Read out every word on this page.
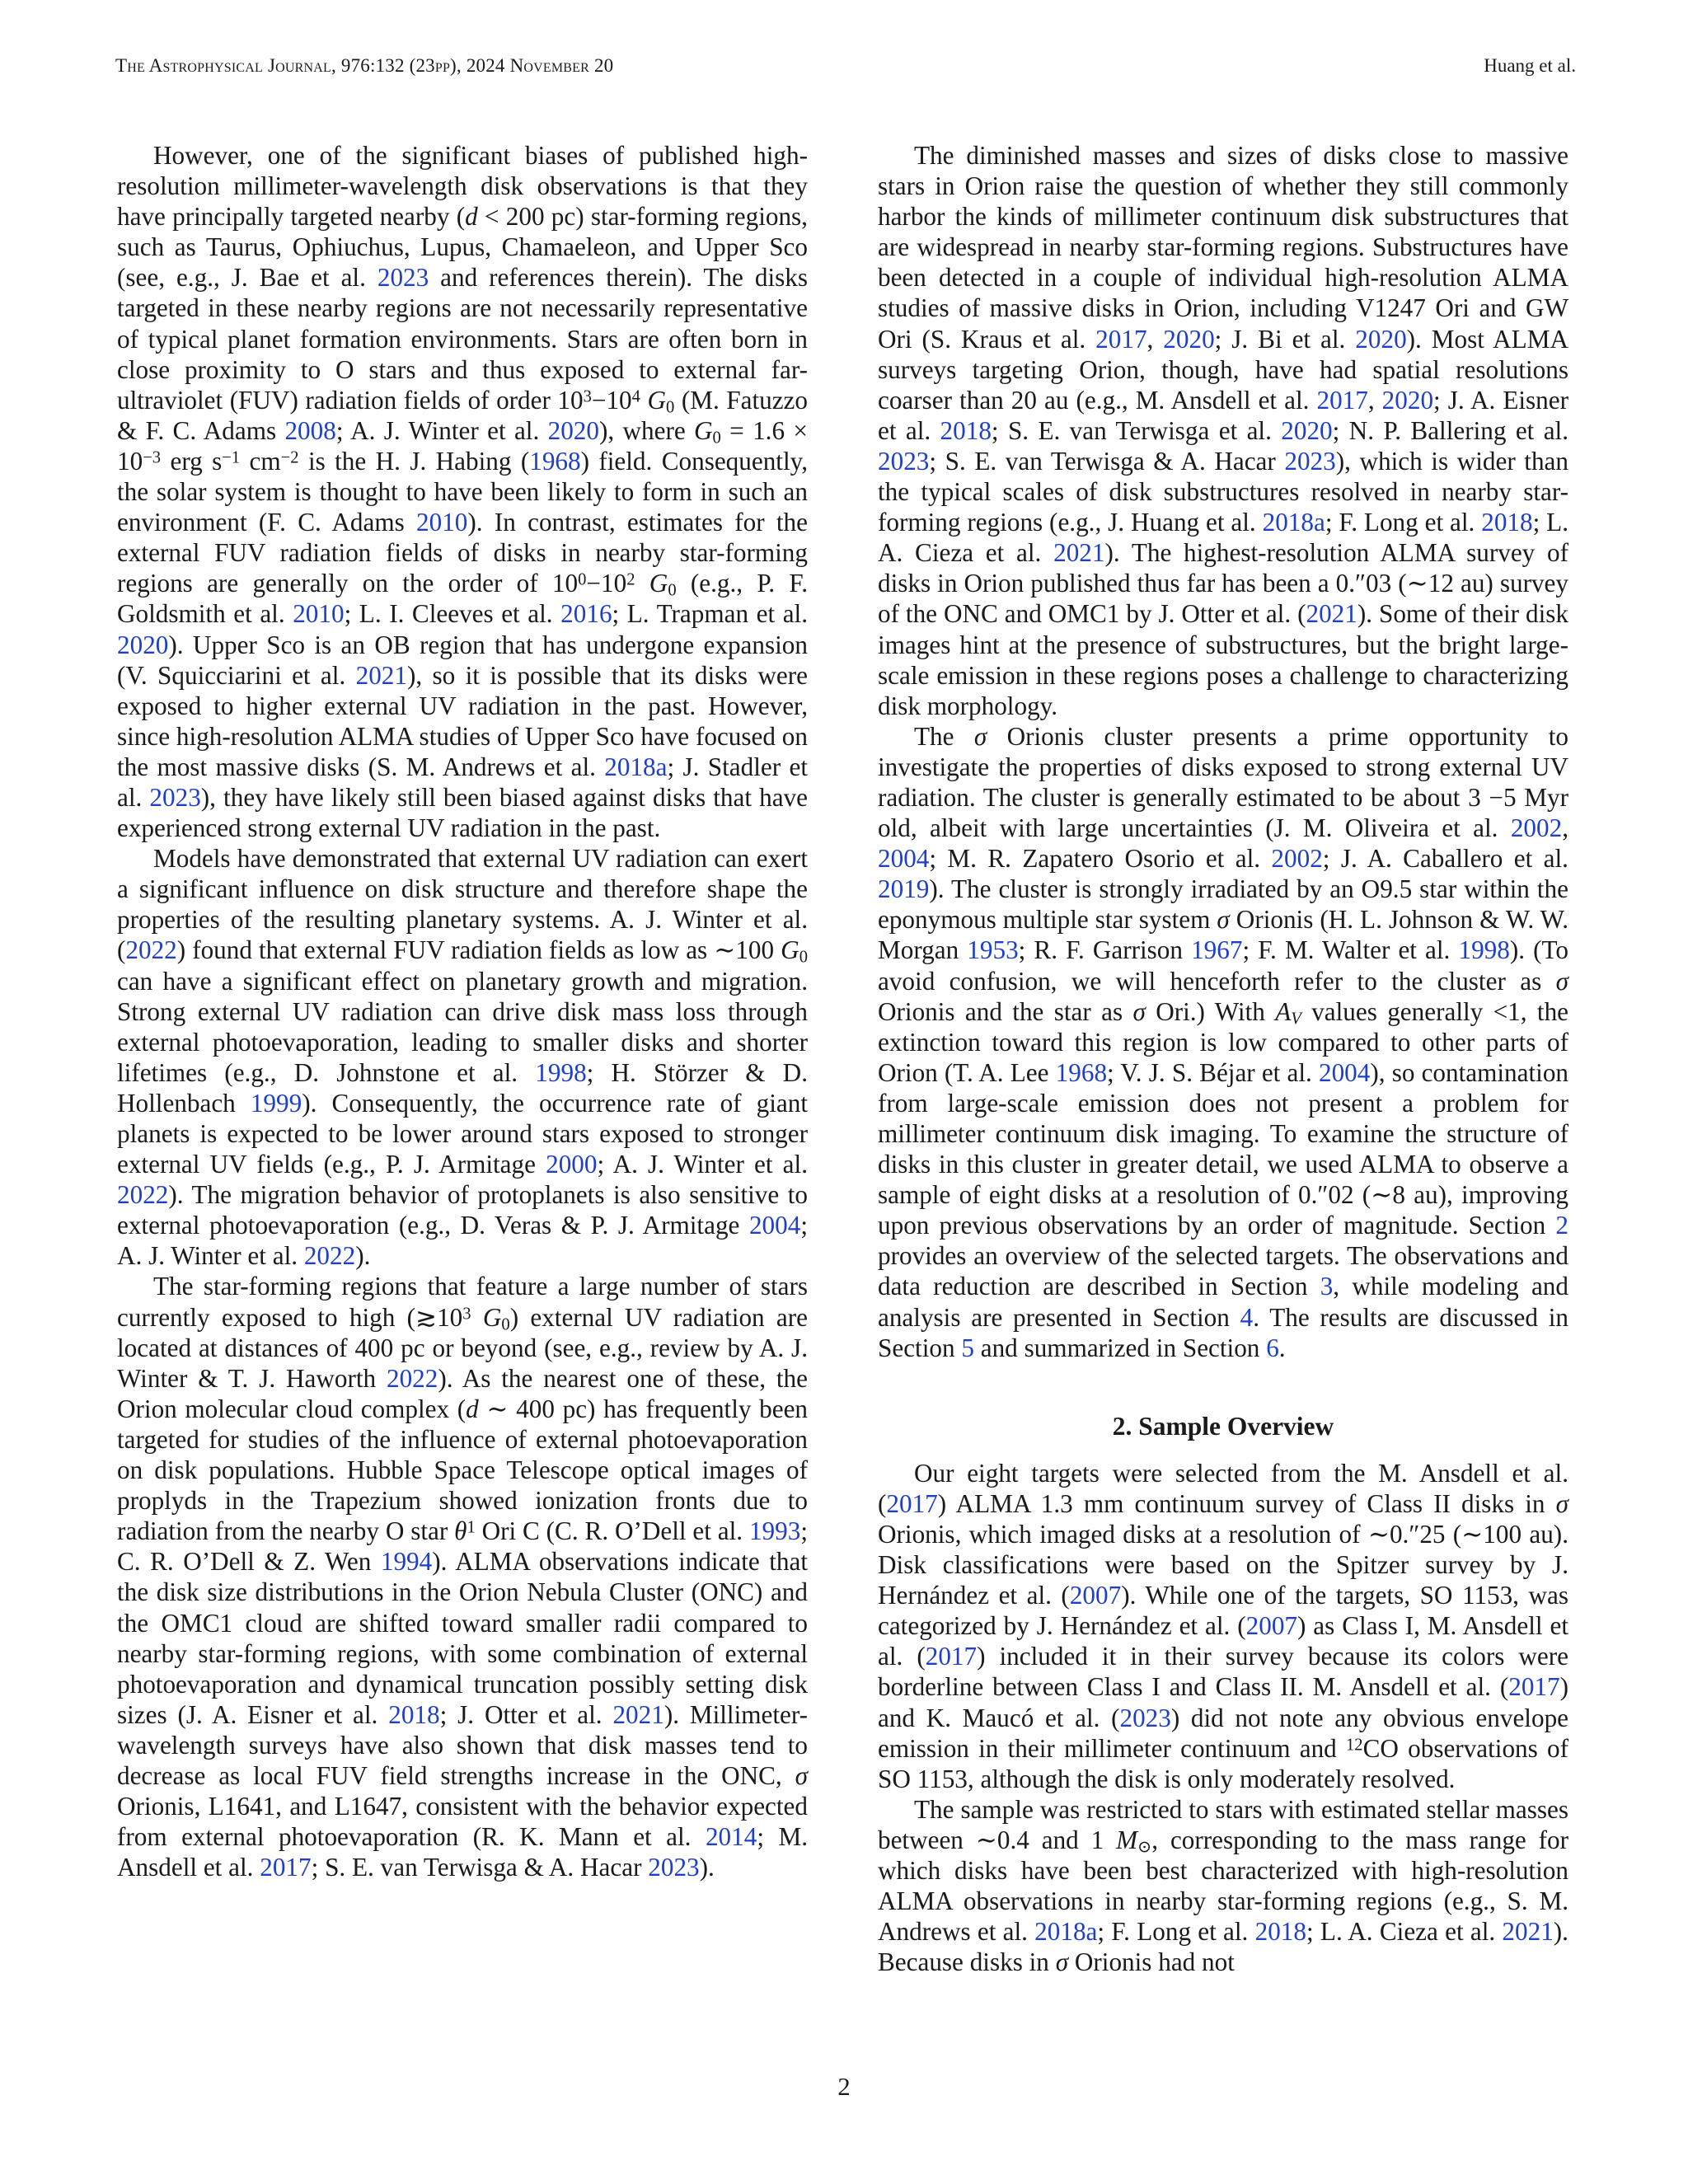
The Astrophysical Journal, 976:132 (23pp), 2024 November 20	Huang et al.

However, one of the significant biases of published high-resolution millimeter-wavelength disk observations is that they have principally targeted nearby (d < 200 pc) star-forming regions, such as Taurus, Ophiuchus, Lupus, Chamaeleon, and Upper Sco (see, e.g., J. Bae et al. 2023 and references therein). The disks targeted in these nearby regions are not necessarily representative of typical planet formation environments. Stars are often born in close proximity to O stars and thus exposed to external far-ultraviolet (FUV) radiation fields of order $10^3-10^4$ $G_0$ (M. Fatuzzo & F. C. Adams 2008; A. J. Winter et al. 2020), where $G_0 = 1.6 \times 10^{-3}$ erg $s^{-1}$ $cm^{-2}$ is the H. J. Habing (1968) field. Consequently, the solar system is thought to have been likely to form in such an environment (F. C. Adams 2010). In contrast, estimates for the external FUV radiation fields of disks in nearby star-forming regions are generally on the order of $10^0-10^2$ $G_0$ (e.g., P. F. Goldsmith et al. 2010; L. I. Cleeves et al. 2016; L. Trapman et al. 2020). Upper Sco is an OB region that has undergone expansion (V. Squicciarini et al. 2021), so it is possible that its disks were exposed to higher external UV radiation in the past. However, since high-resolution ALMA studies of Upper Sco have focused on the most massive disks (S. M. Andrews et al. 2018a; J. Stadler et al. 2023), they have likely still been biased against disks that have experienced strong external UV radiation in the past.

Models have demonstrated that external UV radiation can exert a significant influence on disk structure and therefore shape the properties of the resulting planetary systems. A. J. Winter et al. (2022) found that external FUV radiation fields as low as ∼100 $G_0$ can have a significant effect on planetary growth and migration. Strong external UV radiation can drive disk mass loss through external photoevaporation, leading to smaller disks and shorter lifetimes (e.g., D. Johnstone et al. 1998; H. Störzer & D. Hollenbach 1999). Consequently, the occurrence rate of giant planets is expected to be lower around stars exposed to stronger external UV fields (e.g., P. J. Armitage 2000; A. J. Winter et al. 2022). The migration behavior of protoplanets is also sensitive to external photoevaporation (e.g., D. Veras & P. J. Armitage 2004; A. J. Winter et al. 2022).

The star-forming regions that feature a large number of stars currently exposed to high ($≳10^3$ $G_0$) external UV radiation are located at distances of 400 pc or beyond (see, e.g., review by A. J. Winter & T. J. Haworth 2022). As the nearest one of these, the Orion molecular cloud complex (d ∼ 400 pc) has frequently been targeted for studies of the influence of external photoevaporation on disk populations. Hubble Space Telescope optical images of proplyds in the Trapezium showed ionization fronts due to radiation from the nearby O star $\theta^1$ Ori C (C. R. O’Dell et al. 1993; C. R. O’Dell & Z. Wen 1994). ALMA observations indicate that the disk size distributions in the Orion Nebula Cluster (ONC) and the OMC1 cloud are shifted toward smaller radii compared to nearby star-forming regions, with some combination of external photoevaporation and dynamical truncation possibly setting disk sizes (J. A. Eisner et al. 2018; J. Otter et al. 2021). Millimeter-wavelength surveys have also shown that disk masses tend to decrease as local FUV field strengths increase in the ONC, σ Orionis, L1641, and L1647, consistent with the behavior expected from external photoevaporation (R. K. Mann et al. 2014; M. Ansdell et al. 2017; S. E. van Terwisga & A. Hacar 2023).

The diminished masses and sizes of disks close to massive stars in Orion raise the question of whether they still commonly harbor the kinds of millimeter continuum disk substructures that are widespread in nearby star-forming regions. Substructures have been detected in a couple of individual high-resolution ALMA studies of massive disks in Orion, including V1247 Ori and GW Ori (S. Kraus et al. 2017, 2020; J. Bi et al. 2020). Most ALMA surveys targeting Orion, though, have had spatial resolutions coarser than 20 au (e.g., M. Ansdell et al. 2017, 2020; J. A. Eisner et al. 2018; S. E. van Terwisga et al. 2020; N. P. Ballering et al. 2023; S. E. van Terwisga & A. Hacar 2023), which is wider than the typical scales of disk substructures resolved in nearby star-forming regions (e.g., J. Huang et al. 2018a; F. Long et al. 2018; L. A. Cieza et al. 2021). The highest-resolution ALMA survey of disks in Orion published thus far has been a 0.″03 (∼12 au) survey of the ONC and OMC1 by J. Otter et al. (2021). Some of their disk images hint at the presence of substructures, but the bright large-scale emission in these regions poses a challenge to characterizing disk morphology.

The σ Orionis cluster presents a prime opportunity to investigate the properties of disks exposed to strong external UV radiation. The cluster is generally estimated to be about 3 −5 Myr old, albeit with large uncertainties (J. M. Oliveira et al. 2002, 2004; M. R. Zapatero Osorio et al. 2002; J. A. Caballero et al. 2019). The cluster is strongly irradiated by an O9.5 star within the eponymous multiple star system σ Orionis (H. L. Johnson & W. W. Morgan 1953; R. F. Garrison 1967; F. M. Walter et al. 1998). (To avoid confusion, we will henceforth refer to the cluster as σ Orionis and the star as σ Ori.) With $A_V$ values generally <1, the extinction toward this region is low compared to other parts of Orion (T. A. Lee 1968; V. J. S. Béjar et al. 2004), so contamination from large-scale emission does not present a problem for millimeter continuum disk imaging. To examine the structure of disks in this cluster in greater detail, we used ALMA to observe a sample of eight disks at a resolution of 0.″02 (∼8 au), improving upon previous observations by an order of magnitude. Section 2 provides an overview of the selected targets. The observations and data reduction are described in Section 3, while modeling and analysis are presented in Section 4. The results are discussed in Section 5 and summarized in Section 6.

2. Sample Overview

Our eight targets were selected from the M. Ansdell et al. (2017) ALMA 1.3 mm continuum survey of Class II disks in σ Orionis, which imaged disks at a resolution of ∼0.″25 (∼100 au). Disk classifications were based on the Spitzer survey by J. Hernández et al. (2007). While one of the targets, SO 1153, was categorized by J. Hernández et al. (2007) as Class I, M. Ansdell et al. (2017) included it in their survey because its colors were borderline between Class I and Class II. M. Ansdell et al. (2017) and K. Maucó et al. (2023) did not note any obvious envelope emission in their millimeter continuum and $^{12}$CO observations of SO 1153, although the disk is only moderately resolved.

The sample was restricted to stars with estimated stellar masses between ∼0.4 and 1 $M_⊙$, corresponding to the mass range for which disks have been best characterized with high-resolution ALMA observations in nearby star-forming regions (e.g., S. M. Andrews et al. 2018a; F. Long et al. 2018; L. A. Cieza et al. 2021). Because disks in σ Orionis had not

2
